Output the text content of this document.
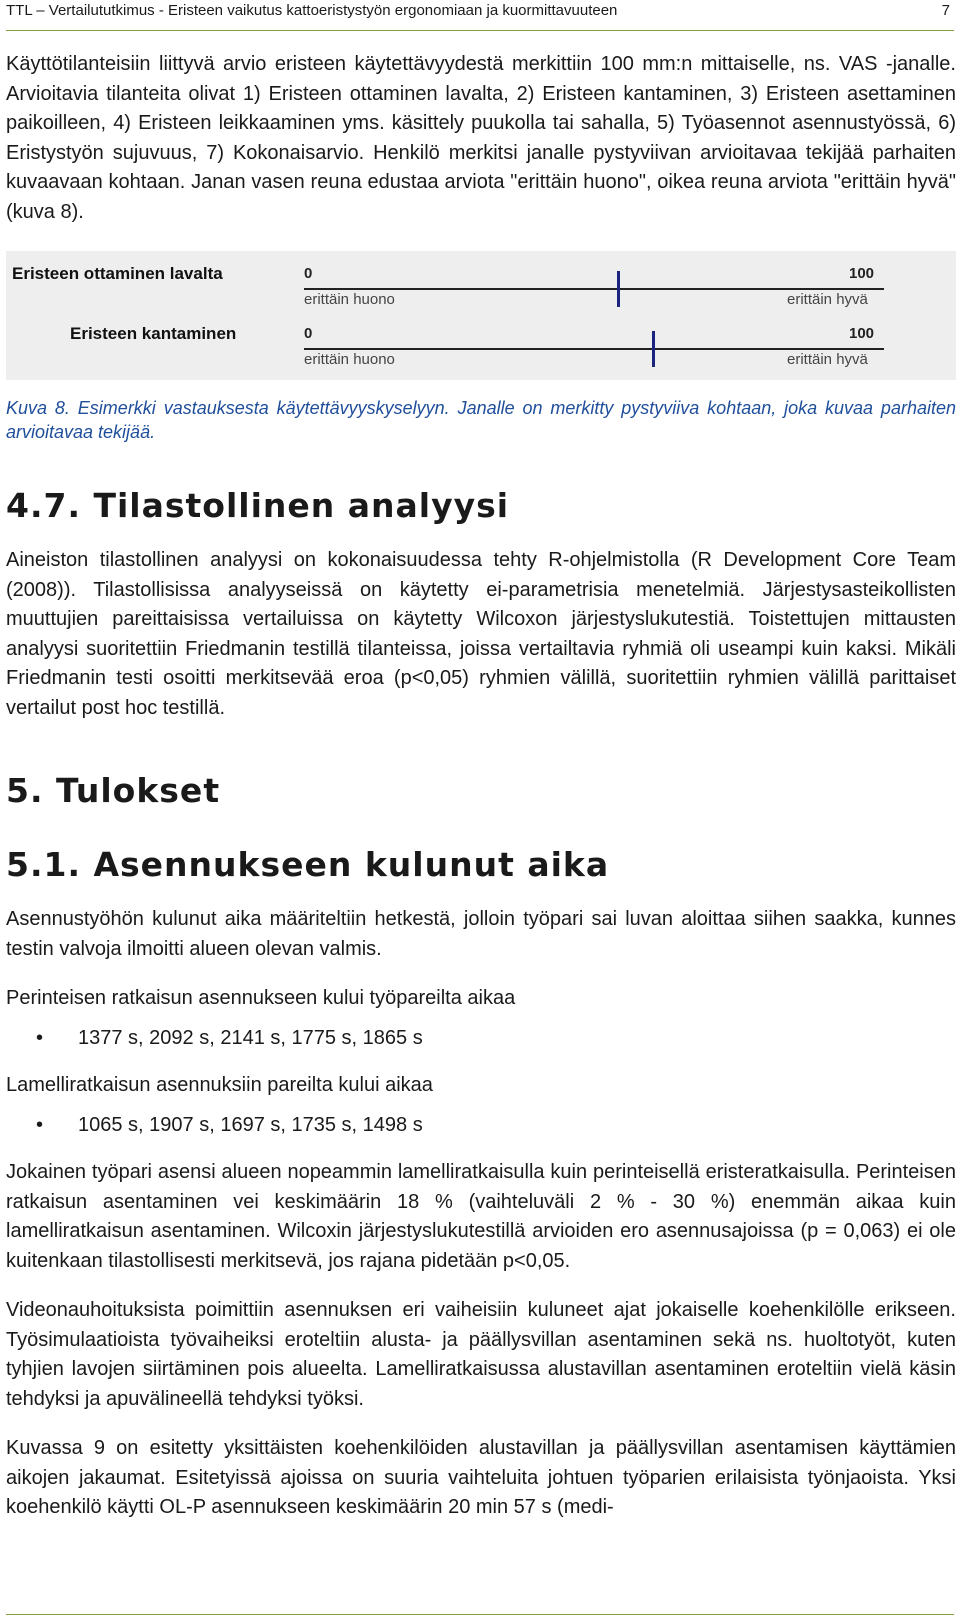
TTL – Vertailututkimus - Eristeen vaikutus kattoeristystyön ergonomiaan ja kuormittavuuteen	7

Käyttötilanteisiin liittyvä arvio eristeen käytettävyydestä merkittiin 100 mm:n mittaiselle, ns. VAS -janalle. Arvioitavia tilanteita olivat 1) Eristeen ottaminen lavalta, 2) Eristeen kantaminen, 3) Eristeen asettaminen paikoilleen, 4) Eristeen leikkaaminen yms. käsittely puukolla tai sahalla, 5) Työasennot asennustyössä, 6) Eristystyön sujuvuus, 7) Kokonaisarvio. Henkilö merkitsi janalle pystyviivan arvioitavaa tekijää parhaiten kuvaavaan kohtaan. Janan vasen reuna edustaa arviota "erittäin huono", oikea reuna arviota "erittäin hyvä" (kuva 8).

Eristeen ottaminen lavalta	0	100
erittäin huono	erittäin hyvä
Eristeen kantaminen	0	100
erittäin huono	erittäin hyvä

Kuva 8. Esimerkki vastauksesta käytettävyyskyselyyn. Janalle on merkitty pystyviiva kohtaan, joka kuvaa parhaiten arvioitavaa tekijää.

4.7. Tilastollinen analyysi

Aineiston tilastollinen analyysi on kokonaisuudessa tehty R-ohjelmistolla (R Development Core Team (2008)). Tilastollisissa analyyseissä on käytetty ei-parametrisia menetelmiä. Järjestysasteikollisten muuttujien pareittaisissa vertailuissa on käytetty Wilcoxon järjestyslukutestiä. Toistettujen mittausten analyysi suoritettiin Friedmanin testillä tilanteissa, joissa vertailtavia ryhmiä oli useampi kuin kaksi. Mikäli Friedmanin testi osoitti merkitsevää eroa (p<0,05) ryhmien välillä, suoritettiin ryhmien välillä parittaiset vertailut post hoc testillä.

5. Tulokset
5.1. Asennukseen kulunut aika

Asennustyöhön kulunut aika määriteltiin hetkestä, jolloin työpari sai luvan aloittaa siihen saakka, kunnes testin valvoja ilmoitti alueen olevan valmis.

Perinteisen ratkaisun asennukseen kului työpareilta aikaa

• 1377 s, 2092 s, 2141 s, 1775 s, 1865 s

Lamelliratkaisun asennuksiin pareilta kului aikaa

• 1065 s, 1907 s, 1697 s, 1735 s, 1498 s

Jokainen työpari asensi alueen nopeammin lamelliratkaisulla kuin perinteisellä eristeratkaisulla. Perinteisen ratkaisun asentaminen vei keskimäärin 18 % (vaihteluväli 2 % - 30 %) enemmän aikaa kuin lamelliratkaisun asentaminen. Wilcoxin järjestyslukutestillä arvioiden ero asennusajoissa (p = 0,063) ei ole kuitenkaan tilastollisesti merkitsevä, jos rajana pidetään p<0,05.

Videonauhoituksista poimittiin asennuksen eri vaiheisiin kuluneet ajat jokaiselle koehenkilölle erikseen. Työsimulaatioista työvaiheiksi eroteltiin alusta- ja päällysvillan asentaminen sekä ns. huoltotyöt, kuten tyhjien lavojen siirtäminen pois alueelta. Lamelliratkaisussa alustavillan asentaminen eroteltiin vielä käsin tehdyksi ja apuvälineellä tehdyksi työksi.

Kuvassa 9 on esitetty yksittäisten koehenkilöiden alustavillan ja päällysvillan asentamisen käyttämien aikojen jakaumat. Esitetyissä ajoissa on suuria vaihteluita johtuen työparien erilaisista työnjaoista. Yksi koehenkilö käytti OL-P asennukseen keskimäärin 20 min 57 s (medi-
